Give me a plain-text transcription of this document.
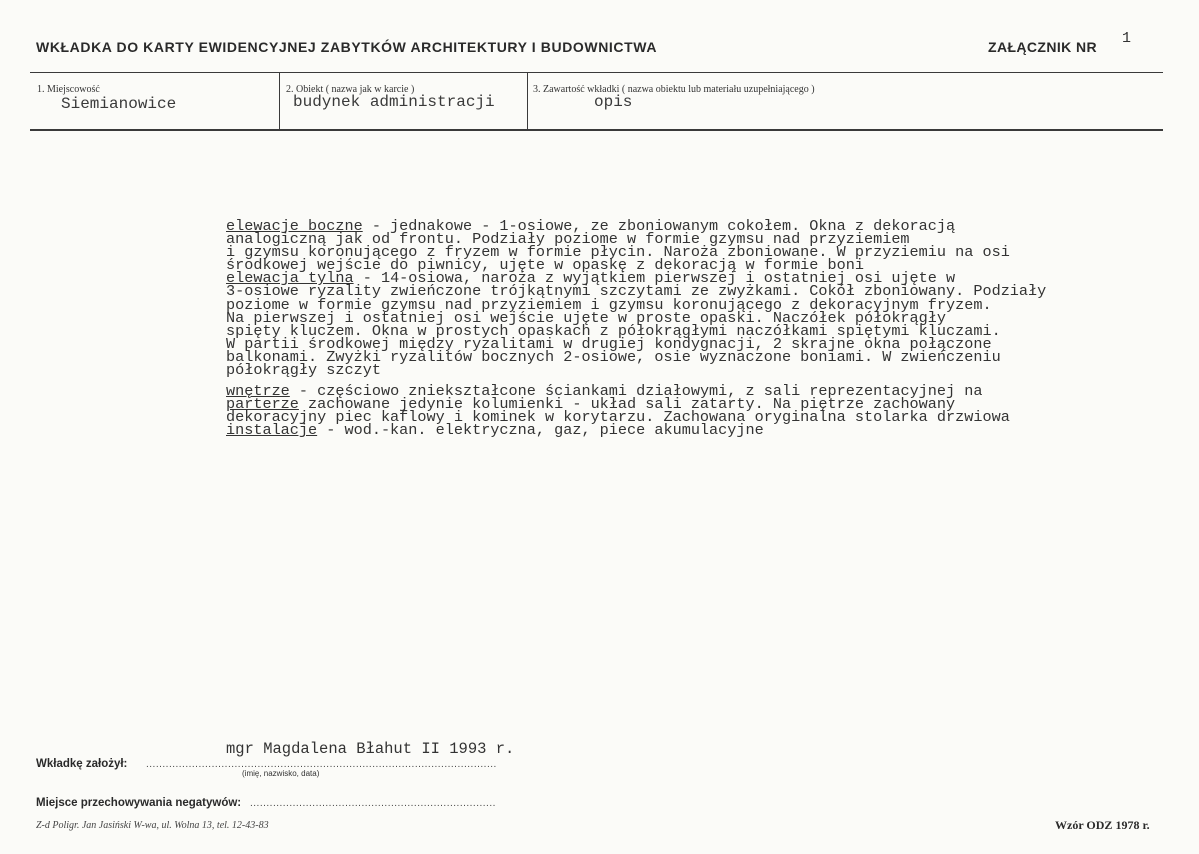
WKŁADKA DO KARTY EWIDENCYJNEJ ZABYTKÓW ARCHITEKTURY I BUDOWNICTWA	ZAŁĄCZNIK NR 1
1. Miejscowość
Siemianowice
2. Obiekt ( nazwa jak w karcie )
budynek administracji
3. Zawartość wkładki ( nazwa obiektu lub materiału uzupełniającego )
opis
elewacje boczne - jednakowe - 1-osiowe, ze zboniowanym cokołem. Okna z dekoracją
analogiczną jak od frontu. Podziały poziome w formie gzymsu nad przyziemiem
i gzymsu koronującego z fryzem w formie płycin. Naroża zboniowane. W przyziemiu na osi
środkowej wejście do piwnicy, ujęte w opaskę z dekoracją w formie boni
elewacja tylna - 14-osiowa, naroża z wyjątkiem pierwszej i ostatniej osi ujęte w
3-osiowe ryzality zwieńczone trójkątnymi szczytami ze zwyżkami. Cokół zboniowany. Podziały
poziome w formie gzymsu nad przyziemiem i gzymsu koronującego z dekoracyjnym fryzem.
Na pierwszej i ostatniej osi wejście ujęte w proste opaski. Naczółek półokrągły
spięty kluczem. Okna w prostych opaskach z półokrągłymi naczółkami spiętymi kluczami.
W partii środkowej między ryzalitami w drugiej kondygnacji, 2 skrajne okna połączone
balkonami. Zwyżki ryzalitów bocznych 2-osiowe, osie wyznaczone boniami. W zwieńczeniu
półokrągły szczyt
wnętrze - częściowo zniekształcone ściankami działowymi, z sali reprezentacyjnej na
parterze zachowane jedynie kolumienki - układ sali zatarty. Na piętrze zachowany
dekoracyjny piec kaflowy i kominek w korytarzu. Zachowana oryginalna stolarka drzwiowa
instalacje - wod.-kan. elektryczna, gaz, piece akumulacyjne
mgr Magdalena Błahut II 1993 r.
Wkładkę założył: ...........................................................................................................
(imię, nazwisko, data)
Miejsce przechowywania negatywów: ...........................................................................
Z-d Poligr. Jan Jasiński W-wa, ul. Wolna 13, tel. 12-43-83	Wzór ODZ 1978 r.
